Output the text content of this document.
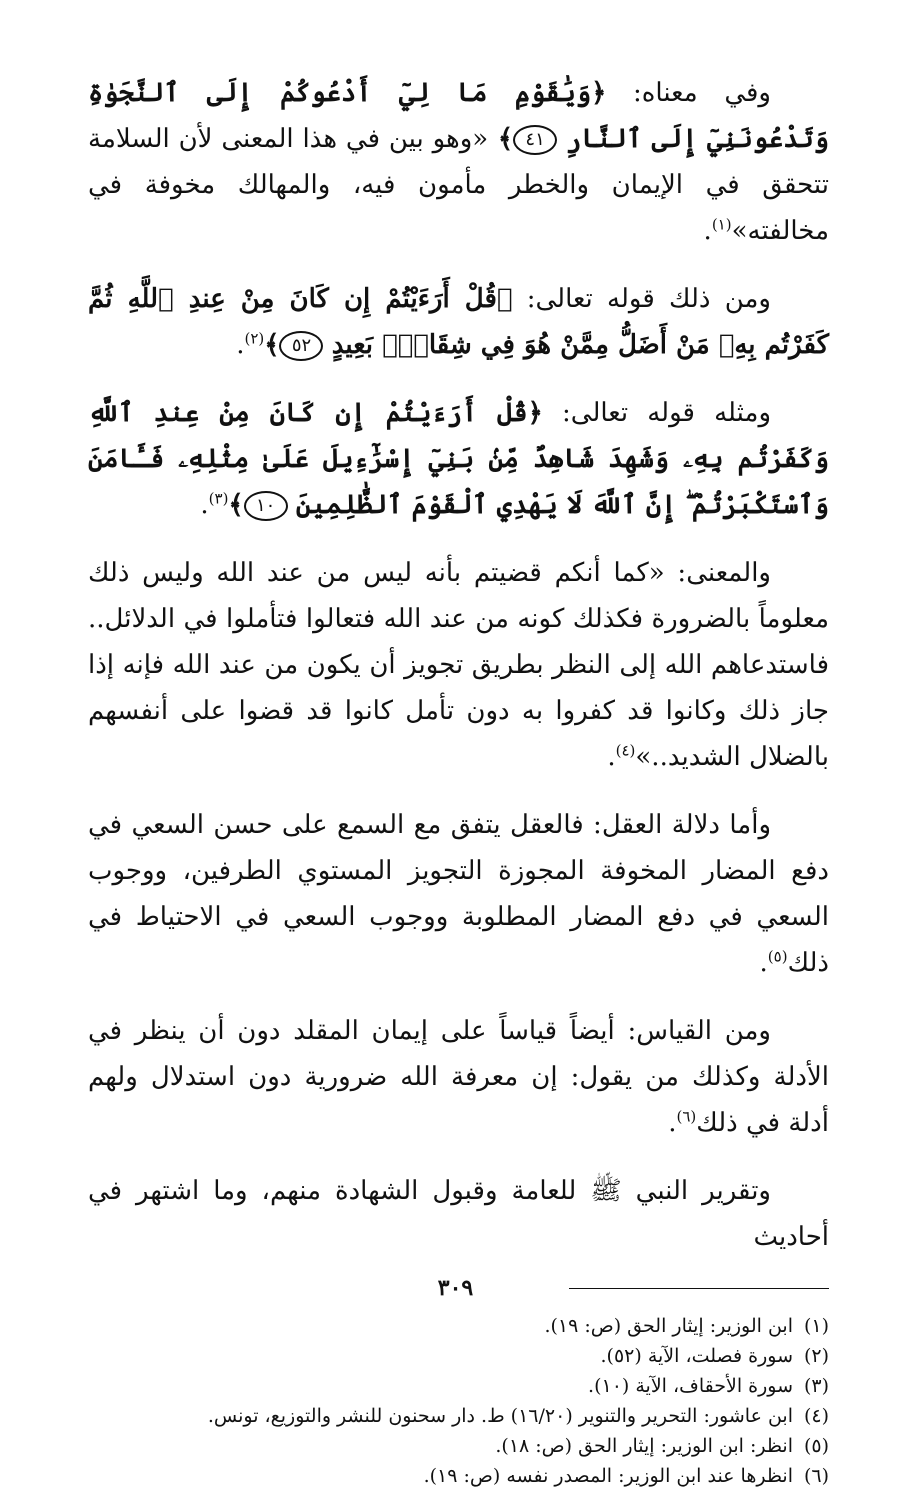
وفي معناه: ﴿وَيَٰقَوْمِ مَا لِيٓ أَدْعُوكُمْ إِلَى ٱلنَّجَوٰةِ وَتَدْعُونَنِيٓ إِلَى ٱلنَّارِ ٤١﴾ «وهو بين في هذا المعنى لأن السلامة تتحقق في الإيمان والخطر مأمون فيه، والمهالك مخوفة في مخالفته»$^{(١)}$.

ومن ذلك قوله تعالى: ﴿قُلْ أَرَءَيْتُمْ إِن كَانَ مِنْ عِندِ ٱللَّهِ ثُمَّ كَفَرْتُم بِهِۦ مَنْ أَضَلُّ مِمَّنْ هُوَ فِي شِقَاقٍۭ بَعِيدٍ ٥٢﴾$^{(٢)}$.

ومثله قوله تعالى: ﴿قُلْ أَرَءَيْتُمْ إِن كَانَ مِنْ عِندِ ٱللَّهِ وَكَفَرْتُم بِهِۦ وَشَهِدَ شَاهِدٌ مِّنۢ بَنِيٓ إِسْرَٰٓءِيلَ عَلَىٰ مِثْلِهِۦ فَـَٔامَنَ وَٱسْتَكْبَرْتُمْ ۖ إِنَّ ٱللَّهَ لَا يَهْدِي ٱلْقَوْمَ ٱلظَّٰلِمِينَ ١٠﴾$^{(٣)}$.

والمعنى: «كما أنكم قضيتم بأنه ليس من عند الله وليس ذلك معلوماً بالضرورة فكذلك كونه من عند الله فتعالوا فتأملوا في الدلائل.. فاستدعاهم الله إلى النظر بطريق تجويز أن يكون من عند الله فإنه إذا جاز ذلك وكانوا قد كفروا به دون تأمل كانوا قد قضوا على أنفسهم بالضلال الشديد..»$^{(٤)}$.

وأما دلالة العقل: فالعقل يتفق مع السمع على حسن السعي في دفع المضار المخوفة المجوزة التجويز المستوي الطرفين، ووجوب السعي في دفع المضار المطلوبة ووجوب السعي في الاحتياط في ذلك$^{(٥)}$.

ومن القياس: أيضاً قياساً على إيمان المقلد دون أن ينظر في الأدلة وكذلك من يقول: إن معرفة الله ضرورية دون استدلال ولهم أدلة في ذلك$^{(٦)}$.

وتقرير النبي ﷺ للعامة وقبول الشهادة منهم، وما اشتهر في أحاديث

(١)ابن الوزير: إيثار الحق (ص: ١٩).
(٢)سورة فصلت، الآية (٥٢).
(٣)سورة الأحقاف، الآية (١٠).
(٤)ابن عاشور: التحرير والتنوير (١٦/٢٠) ط. دار سحنون للنشر والتوزيع، تونس.
(٥)انظر: ابن الوزير: إيثار الحق (ص: ١٨).
(٦)انظرها عند ابن الوزير: المصدر نفسه (ص: ١٩).
٣٠٩
